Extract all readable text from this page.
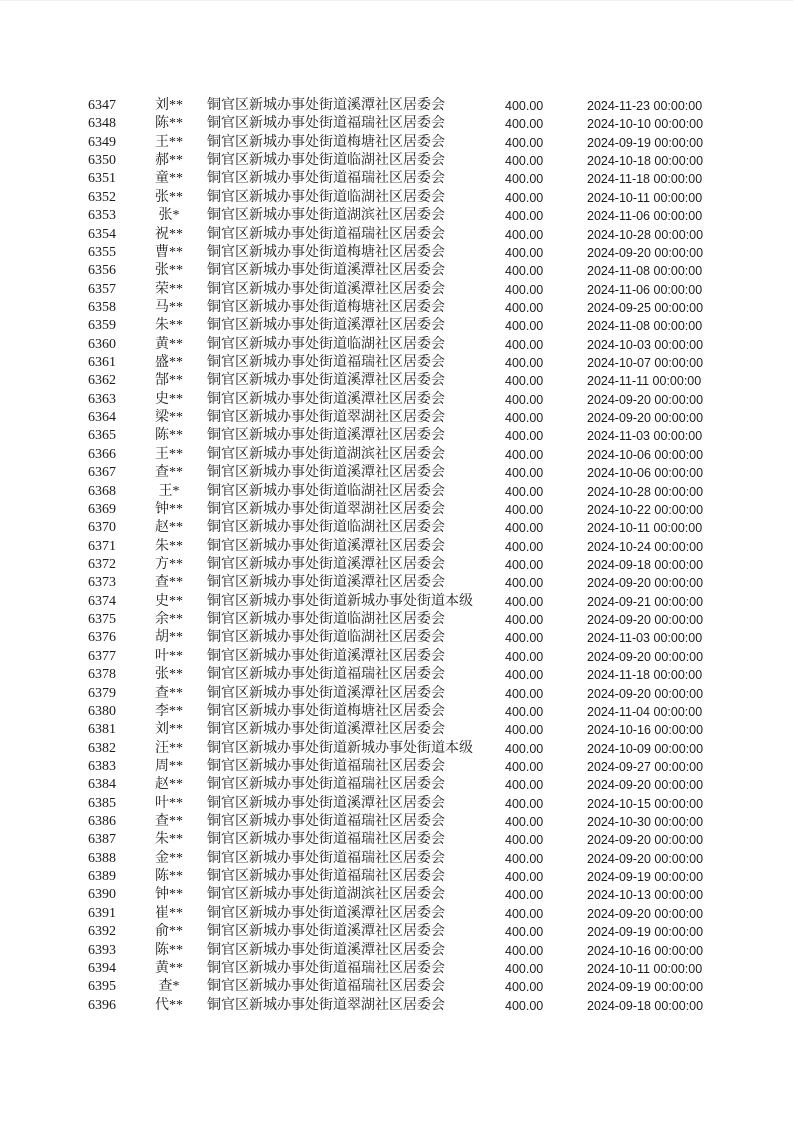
6347	刘**	铜官区新城办事处街道溪潭社区居委会	400.00	2024-11-23 00:00:00
6348	陈**	铜官区新城办事处街道福瑞社区居委会	400.00	2024-10-10 00:00:00
6349	王**	铜官区新城办事处街道梅塘社区居委会	400.00	2024-09-19 00:00:00
6350	郝**	铜官区新城办事处街道临湖社区居委会	400.00	2024-10-18 00:00:00
6351	童**	铜官区新城办事处街道福瑞社区居委会	400.00	2024-11-18 00:00:00
6352	张**	铜官区新城办事处街道临湖社区居委会	400.00	2024-10-11 00:00:00
6353	张*	铜官区新城办事处街道湖滨社区居委会	400.00	2024-11-06 00:00:00
6354	祝**	铜官区新城办事处街道福瑞社区居委会	400.00	2024-10-28 00:00:00
6355	曹**	铜官区新城办事处街道梅塘社区居委会	400.00	2024-09-20 00:00:00
6356	张**	铜官区新城办事处街道溪潭社区居委会	400.00	2024-11-08 00:00:00
6357	荣**	铜官区新城办事处街道溪潭社区居委会	400.00	2024-11-06 00:00:00
6358	马**	铜官区新城办事处街道梅塘社区居委会	400.00	2024-09-25 00:00:00
6359	朱**	铜官区新城办事处街道溪潭社区居委会	400.00	2024-11-08 00:00:00
6360	黄**	铜官区新城办事处街道临湖社区居委会	400.00	2024-10-03 00:00:00
6361	盛**	铜官区新城办事处街道福瑞社区居委会	400.00	2024-10-07 00:00:00
6362	郜**	铜官区新城办事处街道溪潭社区居委会	400.00	2024-11-11 00:00:00
6363	史**	铜官区新城办事处街道溪潭社区居委会	400.00	2024-09-20 00:00:00
6364	梁**	铜官区新城办事处街道翠湖社区居委会	400.00	2024-09-20 00:00:00
6365	陈**	铜官区新城办事处街道溪潭社区居委会	400.00	2024-11-03 00:00:00
6366	王**	铜官区新城办事处街道湖滨社区居委会	400.00	2024-10-06 00:00:00
6367	查**	铜官区新城办事处街道溪潭社区居委会	400.00	2024-10-06 00:00:00
6368	王*	铜官区新城办事处街道临湖社区居委会	400.00	2024-10-28 00:00:00
6369	钟**	铜官区新城办事处街道翠湖社区居委会	400.00	2024-10-22 00:00:00
6370	赵**	铜官区新城办事处街道临湖社区居委会	400.00	2024-10-11 00:00:00
6371	朱**	铜官区新城办事处街道溪潭社区居委会	400.00	2024-10-24 00:00:00
6372	方**	铜官区新城办事处街道溪潭社区居委会	400.00	2024-09-18 00:00:00
6373	查**	铜官区新城办事处街道溪潭社区居委会	400.00	2024-09-20 00:00:00
6374	史**	铜官区新城办事处街道新城办事处街道本级	400.00	2024-09-21 00:00:00
6375	余**	铜官区新城办事处街道临湖社区居委会	400.00	2024-09-20 00:00:00
6376	胡**	铜官区新城办事处街道临湖社区居委会	400.00	2024-11-03 00:00:00
6377	叶**	铜官区新城办事处街道溪潭社区居委会	400.00	2024-09-20 00:00:00
6378	张**	铜官区新城办事处街道福瑞社区居委会	400.00	2024-11-18 00:00:00
6379	查**	铜官区新城办事处街道溪潭社区居委会	400.00	2024-09-20 00:00:00
6380	李**	铜官区新城办事处街道梅塘社区居委会	400.00	2024-11-04 00:00:00
6381	刘**	铜官区新城办事处街道溪潭社区居委会	400.00	2024-10-16 00:00:00
6382	汪**	铜官区新城办事处街道新城办事处街道本级	400.00	2024-10-09 00:00:00
6383	周**	铜官区新城办事处街道福瑞社区居委会	400.00	2024-09-27 00:00:00
6384	赵**	铜官区新城办事处街道福瑞社区居委会	400.00	2024-09-20 00:00:00
6385	叶**	铜官区新城办事处街道溪潭社区居委会	400.00	2024-10-15 00:00:00
6386	查**	铜官区新城办事处街道福瑞社区居委会	400.00	2024-10-30 00:00:00
6387	朱**	铜官区新城办事处街道福瑞社区居委会	400.00	2024-09-20 00:00:00
6388	金**	铜官区新城办事处街道福瑞社区居委会	400.00	2024-09-20 00:00:00
6389	陈**	铜官区新城办事处街道福瑞社区居委会	400.00	2024-09-19 00:00:00
6390	钟**	铜官区新城办事处街道湖滨社区居委会	400.00	2024-10-13 00:00:00
6391	崔**	铜官区新城办事处街道溪潭社区居委会	400.00	2024-09-20 00:00:00
6392	俞**	铜官区新城办事处街道溪潭社区居委会	400.00	2024-09-19 00:00:00
6393	陈**	铜官区新城办事处街道溪潭社区居委会	400.00	2024-10-16 00:00:00
6394	黄**	铜官区新城办事处街道福瑞社区居委会	400.00	2024-10-11 00:00:00
6395	查*	铜官区新城办事处街道福瑞社区居委会	400.00	2024-09-19 00:00:00
6396	代**	铜官区新城办事处街道翠湖社区居委会	400.00	2024-09-18 00:00:00
